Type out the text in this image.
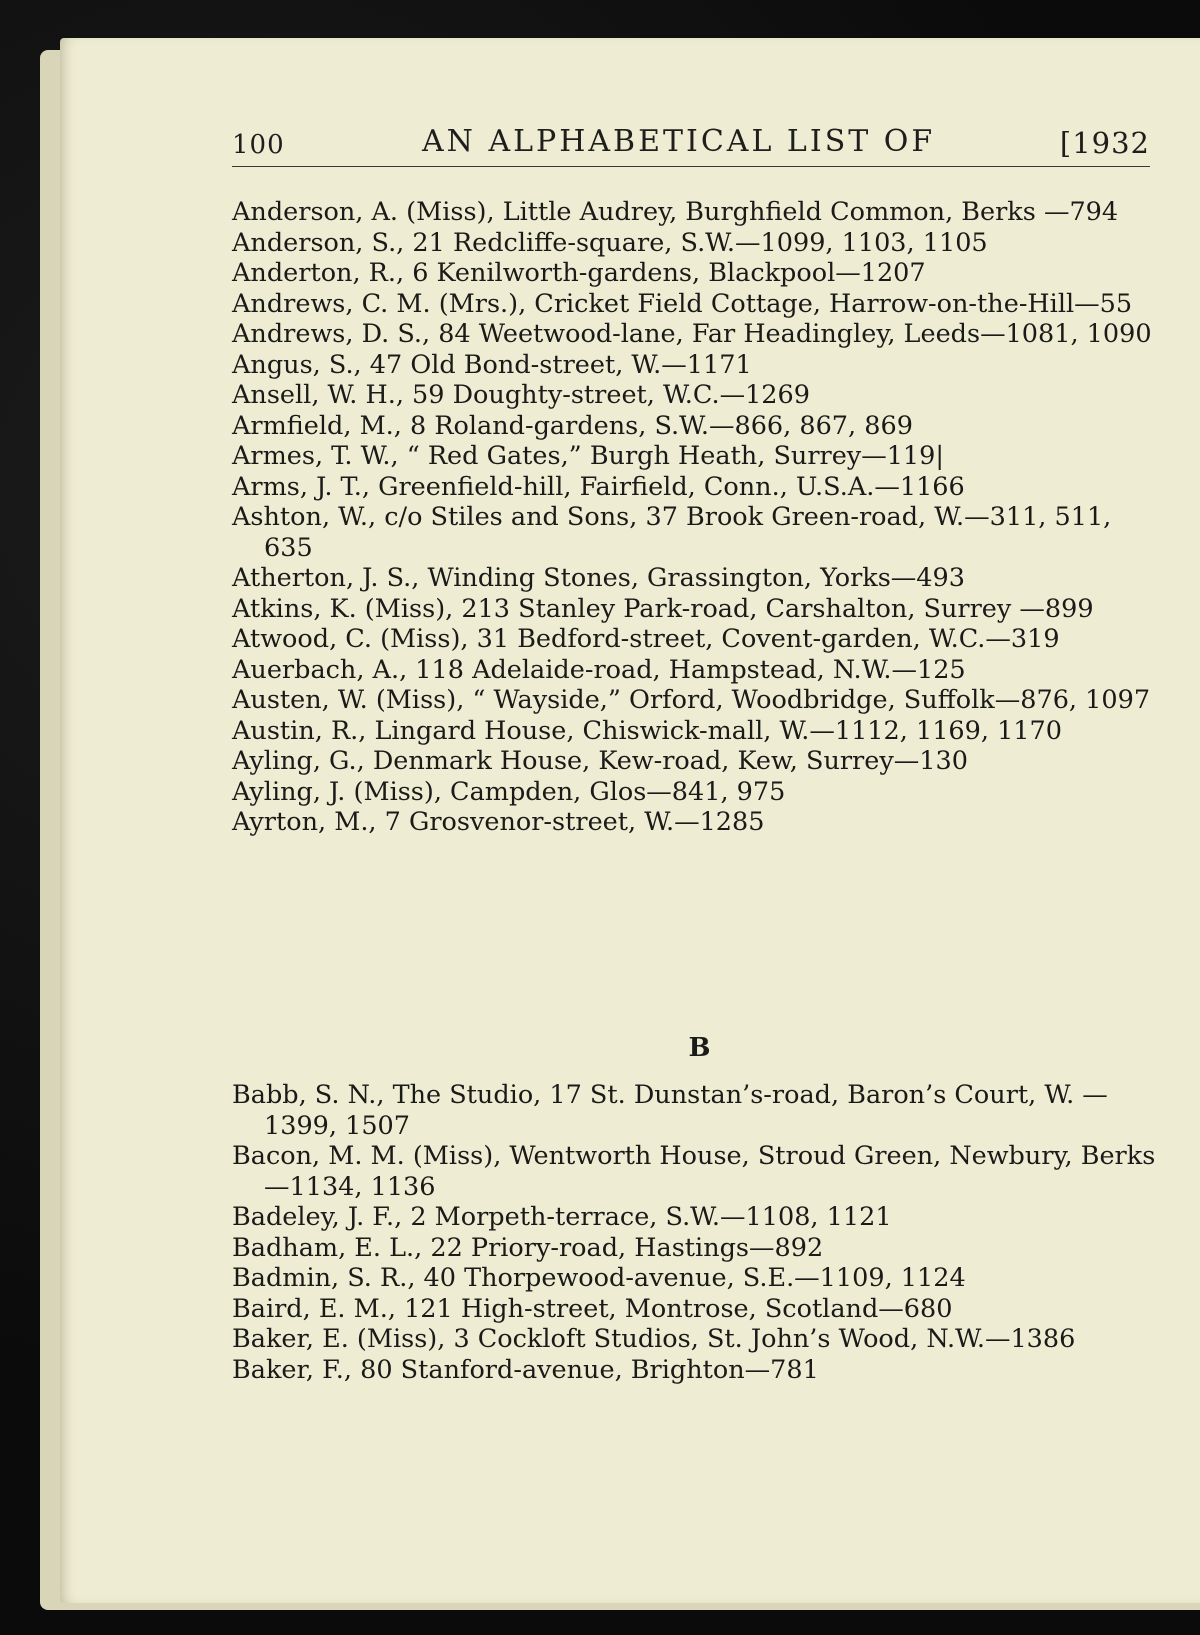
100	AN ALPHABETICAL LIST OF	[1932
Anderson, A. (Miss), Little Audrey, Burghfield Common, Berks —794
Anderson, S., 21 Redcliffe-square, S.W.—1099, 1103, 1105
Anderton, R., 6 Kenilworth-gardens, Blackpool—1207
Andrews, C. M. (Mrs.), Cricket Field Cottage, Harrow-on-the-Hill—55
Andrews, D. S., 84 Weetwood-lane, Far Headingley, Leeds—1081, 1090
Angus, S., 47 Old Bond-street, W.—1171
Ansell, W. H., 59 Doughty-street, W.C.—1269
Armfield, M., 8 Roland-gardens, S.W.—866, 867, 869
Armes, T. W., “ Red Gates,” Burgh Heath, Surrey—119|
Arms, J. T., Greenfield-hill, Fairfield, Conn., U.S.A.—1166
Ashton, W., c/o Stiles and Sons, 37 Brook Green-road, W.—311, 511, 635
Atherton, J. S., Winding Stones, Grassington, Yorks—493
Atkins, K. (Miss), 213 Stanley Park-road, Carshalton, Surrey —899
Atwood, C. (Miss), 31 Bedford-street, Covent-garden, W.C.—319
Auerbach, A., 118 Adelaide-road, Hampstead, N.W.—125
Austen, W. (Miss), “ Wayside,” Orford, Woodbridge, Suffolk—876, 1097
Austin, R., Lingard House, Chiswick-mall, W.—1112, 1169, 1170
Ayling, G., Denmark House, Kew-road, Kew, Surrey—130
Ayling, J. (Miss), Campden, Glos—841, 975
Ayrton, M., 7 Grosvenor-street, W.—1285
B
Babb, S. N., The Studio, 17 St. Dunstan’s-road, Baron’s Court, W. —1399, 1507
Bacon, M. M. (Miss), Wentworth House, Stroud Green, Newbury, Berks—1134, 1136
Badeley, J. F., 2 Morpeth-terrace, S.W.—1108, 1121
Badham, E. L., 22 Priory-road, Hastings—892
Badmin, S. R., 40 Thorpewood-avenue, S.E.—1109, 1124
Baird, E. M., 121 High-street, Montrose, Scotland—680
Baker, E. (Miss), 3 Cockloft Studios, St. John’s Wood, N.W.—1386
Baker, F., 80 Stanford-avenue, Brighton—781
